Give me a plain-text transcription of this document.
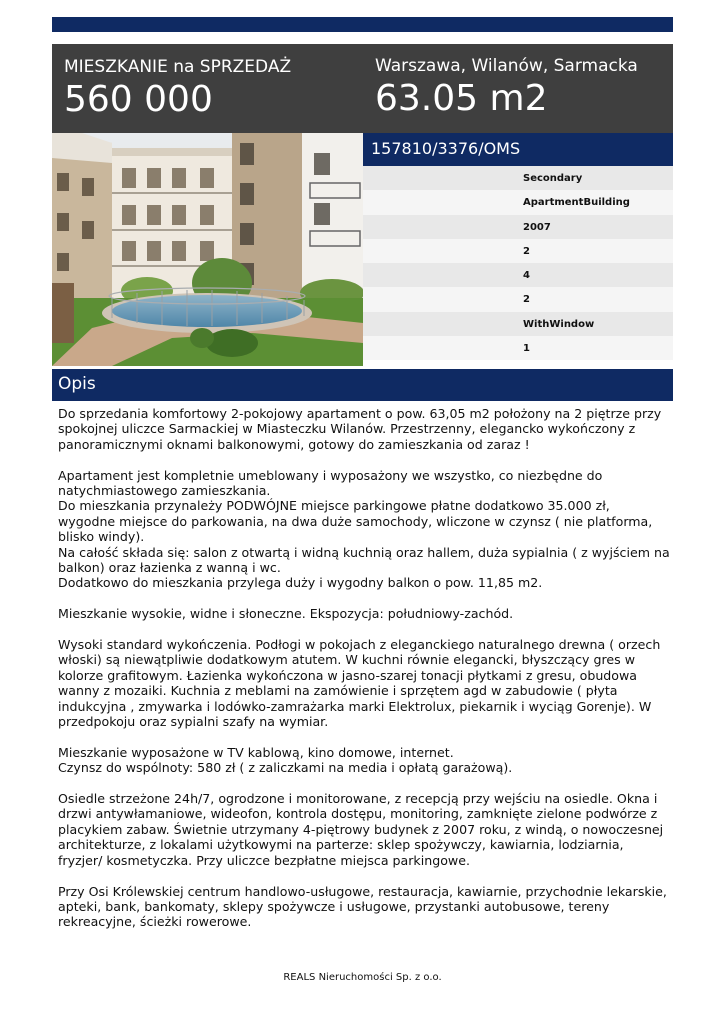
MIESZKANIE na SPRZEDAŻ
560 000
Warszawa, Wilanów, Sarmacka
63.05 m2
157810/3376/OMS
Secondary
ApartmentBuilding
2007
2
4
2
WithWindow
1
Opis

Do sprzedania komfortowy 2-pokojowy apartament o pow. 63,05 m2 położony na 2 piętrze przy spokojnej uliczce Sarmackiej w Miasteczku Wilanów. Przestrzenny, elegancko wykończony z panoramicznymi oknami balkonowymi, gotowy do zamieszkania od zaraz !

Apartament jest kompletnie umeblowany i wyposażony we wszystko, co niezbędne do natychmiastowego zamieszkania.
Do mieszkania przynależy PODWÓJNE miejsce parkingowe płatne dodatkowo 35.000 zł, wygodne miejsce do parkowania, na dwa duże samochody, wliczone w czynsz ( nie platforma, blisko windy).
Na całość składa się: salon z otwartą i widną kuchnią oraz hallem, duża sypialnia ( z wyjściem na balkon) oraz łazienka z wanną i wc.
Dodatkowo do mieszkania przylega duży i wygodny balkon o pow. 11,85 m2.

Mieszkanie wysokie, widne i słoneczne. Ekspozycja: południowy-zachód.

Wysoki standard wykończenia. Podłogi w pokojach z eleganckiego naturalnego drewna ( orzech włoski) są niewątpliwie dodatkowym atutem. W kuchni równie elegancki, błyszczący gres w kolorze grafitowym. Łazienka wykończona w jasno-szarej tonacji płytkami z gresu, obudowa wanny z mozaiki. Kuchnia z meblami na zamówienie i sprzętem agd w zabudowie ( płyta indukcyjna , zmywarka i lodówko-zamrażarka marki Elektrolux, piekarnik i wyciąg Gorenje). W przedpokoju oraz sypialni szafy na wymiar.

Mieszkanie wyposażone w TV kablową, kino domowe, internet.
Czynsz do wspólnoty: 580 zł ( z zaliczkami na media i opłatą garażową).

Osiedle strzeżone 24h/7, ogrodzone i monitorowane, z recepcją przy wejściu na osiedle. Okna i drzwi antywłamaniowe, wideofon, kontrola dostępu, monitoring, zamknięte zielone podwórze z placykiem zabaw. Świetnie utrzymany 4-piętrowy budynek z 2007 roku, z windą, o nowoczesnej architekturze, z lokalami użytkowymi na parterze: sklep spożywczy, kawiarnia, lodziarnia, fryzjer/ kosmetyczka. Przy uliczce bezpłatne miejsca parkingowe.

Przy Osi Królewskiej centrum handlowo-usługowe, restauracja, kawiarnie, przychodnie lekarskie, apteki, bank, bankomaty, sklepy spożywcze i usługowe, przystanki autobusowe, tereny rekreacyjne, ścieżki rowerowe.

REALS Nieruchomości Sp. z o.o.
